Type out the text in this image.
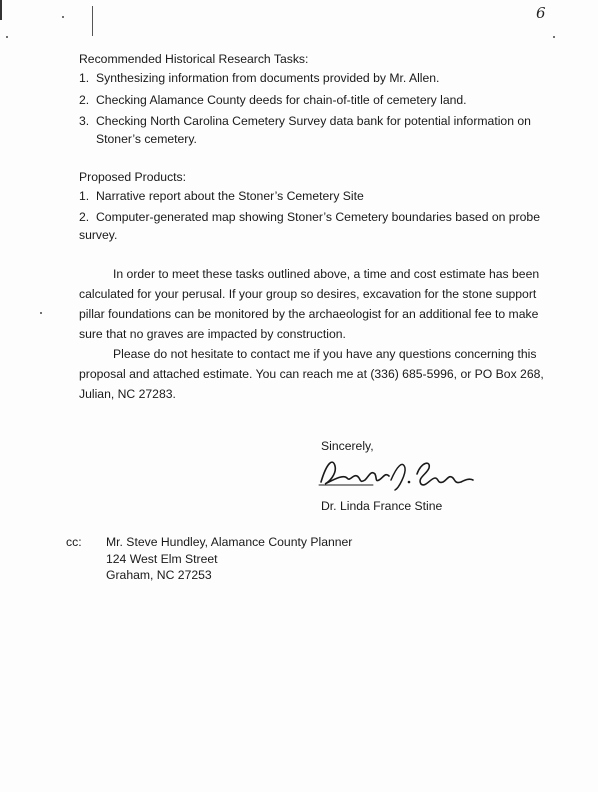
6
Recommended Historical Research Tasks:
1. Synthesizing information from documents provided by Mr. Allen.
2. Checking Alamance County deeds for chain-of-title of cemetery land.
3. Checking North Carolina Cemetery Survey data bank for potential information on
Stoner’s cemetery.
Proposed Products:
1. Narrative report about the Stoner’s Cemetery Site
2. Computer-generated map showing Stoner’s Cemetery boundaries based on probe
survey.
In order to meet these tasks outlined above, a time and cost estimate has been calculated for your perusal. If your group so desires, excavation for the stone support pillar foundations can be monitored by the archaeologist for an additional fee to make sure that no graves are impacted by construction.
Please do not hesitate to contact me if you have any questions concerning this proposal and attached estimate. You can reach me at (336) 685-5996, or PO Box 268, Julian, NC 27283.
Sincerely,
Dr. Linda France Stine
cc: Mr. Steve Hundley, Alamance County Planner
124 West Elm Street
Graham, NC 27253
